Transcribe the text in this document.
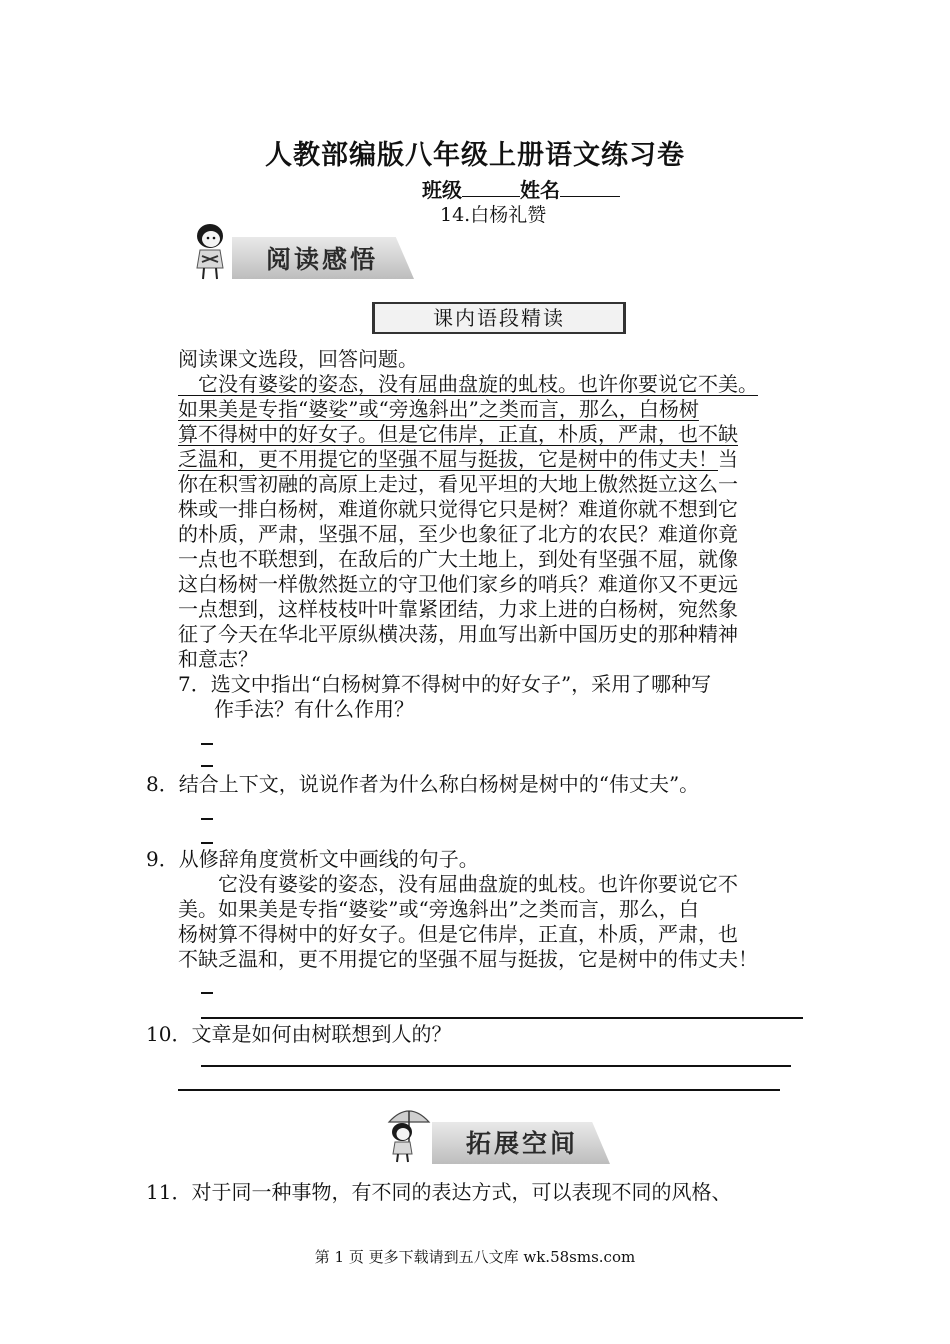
人教部编版八年级上册语文练习卷
班级	姓名
14.白杨礼赞
阅读感悟
课内语段精读
阅读课文选段，回答问题。
　它没有婆娑的姿态，没有屈曲盘旋的虬枝。也许你要说它不美。
如果美是专指“婆娑”或“旁逸斜出”之类而言，那么，白杨树
算不得树中的好女子。但是它伟岸，正直，朴质，严肃，也不缺
乏温和，更不用提它的坚强不屈与挺拔，它是树中的伟丈夫！当
你在积雪初融的高原上走过，看见平坦的大地上傲然挺立这么一
株或一排白杨树，难道你就只觉得它只是树？难道你就不想到它
的朴质，严肃，坚强不屈，至少也象征了北方的农民？难道你竟
一点也不联想到，在敌后的广大土地上，到处有坚强不屈，就像
这白杨树一样傲然挺立的守卫他们家乡的哨兵？难道你又不更远
一点想到，这样枝枝叶叶靠紧团结，力求上进的白杨树，宛然象
征了今天在华北平原纵横决荡，用血写出新中国历史的那种精神
和意志？
7．选文中指出“白杨树算不得树中的好女子”，采用了哪种写
作手法？有什么作用？
8．结合上下文，说说作者为什么称白杨树是树中的“伟丈夫”。
9．从修辞角度赏析文中画线的句子。
　　它没有婆娑的姿态，没有屈曲盘旋的虬枝。也许你要说它不
美。如果美是专指“婆娑”或“旁逸斜出”之类而言，那么，白
杨树算不得树中的好女子。但是它伟岸，正直，朴质，严肃，也
不缺乏温和，更不用提它的坚强不屈与挺拔，它是树中的伟丈夫！
10．文章是如何由树联想到人的？
拓展空间
11．对于同一种事物，有不同的表达方式，可以表现不同的风格、
第 1 页 更多下载请到五八文库 wk.58sms.com
